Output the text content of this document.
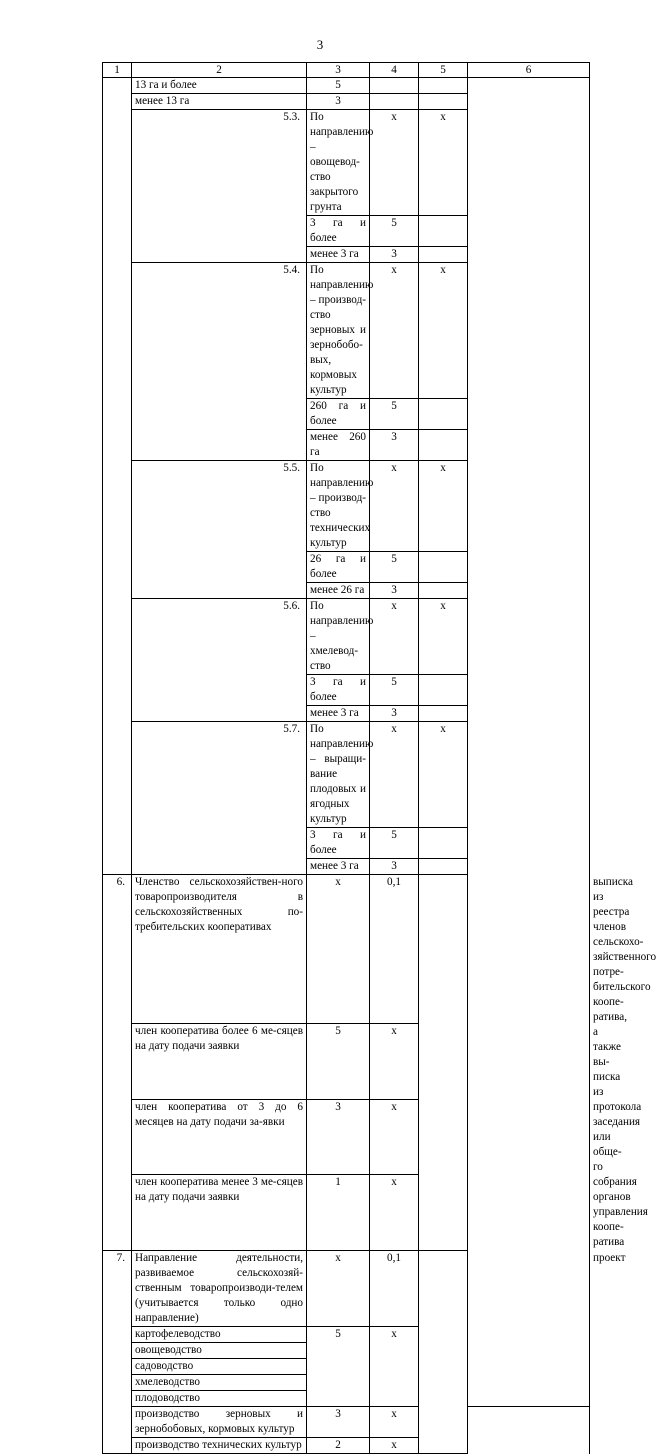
3
1	2	3	4	5	6	
	13 га и более	5				
	менее 13 га	3				
	5.3.	По направлению – овощевод-ство закрытого грунта	х	х		
		3 га и более	5			
		менее 3 га	3			
	5.4.	По направлению – производ-ство зерновых и зернобобо-вых, кормовых культур	х	х		
		260 га и более	5			
		менее 260 га	3			
	5.5.	По направлению – производ-ство технических культур	х	х		
		26 га и более	5			
		менее 26 га	3			
	5.6.	По направлению – хмелевод-ство	х	х		
		3 га и более	5			
		менее 3 га	3			
	5.7.	По направлению – выращи-вание плодовых и ягодных культур	х	х		
		3 га и более	5			
		менее 3 га	3			
6.	Членство сельскохозяйствен-ного товаропроизводителя в сельскохозяйственных по-требительских кооперативах	х	0,1			выписка из реестра членов сельскохо-зяйственного потре-бительского коопе-ратива, а также вы-писка из протокола заседания или обще-го собрания органов управления коопе-ратива
	член кооператива более 6 ме-сяцев на дату подачи заявки	5	х			
	член кооператива от 3 до 6 месяцев на дату подачи за-явки	3	х			
	член кооператива менее 3 ме-сяцев на дату подачи заявки	1	х			
7.	Направление деятельности, развиваемое сельскохозяй-ственным товаропроизводи-телем (учитывается только одно направление)	х	0,1			проект
	картофелеводство	5	х			
	овощеводство					
	садоводство					
	хмелеводство					
	плодоводство					
	производство зерновых и зернобобовых, кормовых культур	3	х			
	производство технических культур	2	х			
